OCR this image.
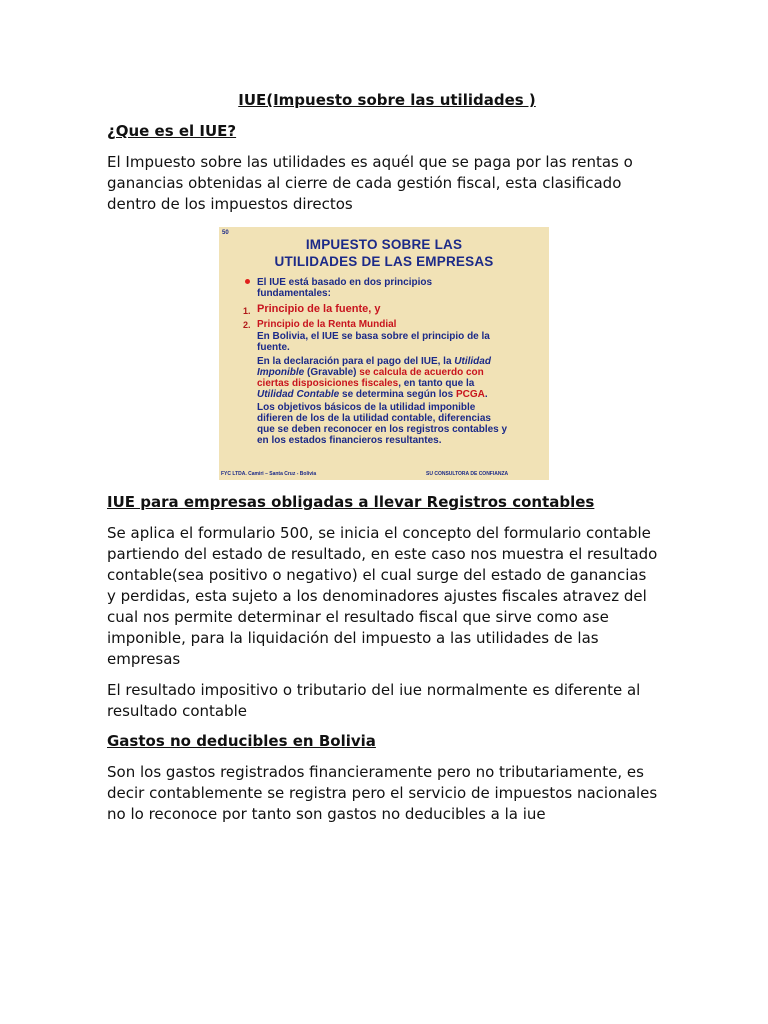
IUE(Impuesto sobre las utilidades )

¿Que es el IUE?

El Impuesto sobre las utilidades es aquél que se paga por las rentas o
ganancias obtenidas al cierre de cada gestión fiscal, esta clasificado
dentro de los impuestos directos

IUE para empresas obligadas a llevar Registros contables

Se aplica el formulario 500, se inicia el concepto del formulario contable
partiendo del estado de resultado, en este caso nos muestra el resultado
contable(sea positivo o negativo) el cual surge del estado de ganancias
y perdidas, esta sujeto a los denominadores ajustes fiscales atravez del
cual nos permite determinar el resultado fiscal que sirve como ase
imponible, para la liquidación del impuesto a las utilidades de las
empresas

El resultado impositivo o tributario del iue normalmente es diferente al
resultado contable

Gastos no deducibles en Bolivia

Son los gastos registrados financieramente pero no tributariamente, es
decir contablemente se registra pero el servicio de impuestos nacionales
no lo reconoce por tanto son gastos no deducibles a la iue

50
IMPUESTO SOBRE LAS
UTILIDADES DE LAS EMPRESAS
El IUE está basado en dos principios
fundamentales:
1. Principio de la fuente, y
2. Principio de la Renta Mundial
En Bolivia, el IUE se basa sobre el principio de la
fuente.
En la declaración para el pago del IUE, la Utilidad
Imponible (Gravable) se calcula de acuerdo con
ciertas disposiciones fiscales, en tanto que la
Utilidad Contable se determina según los PCGA.
Los objetivos básicos de la utilidad imponible
difieren de los de la utilidad contable, diferencias
que se deben reconocer en los registros contables y
en los estados financieros resultantes.
FYC LTDA. Camiri – Santa Cruz - Bolivia	SU CONSULTORA DE CONFIANZA
